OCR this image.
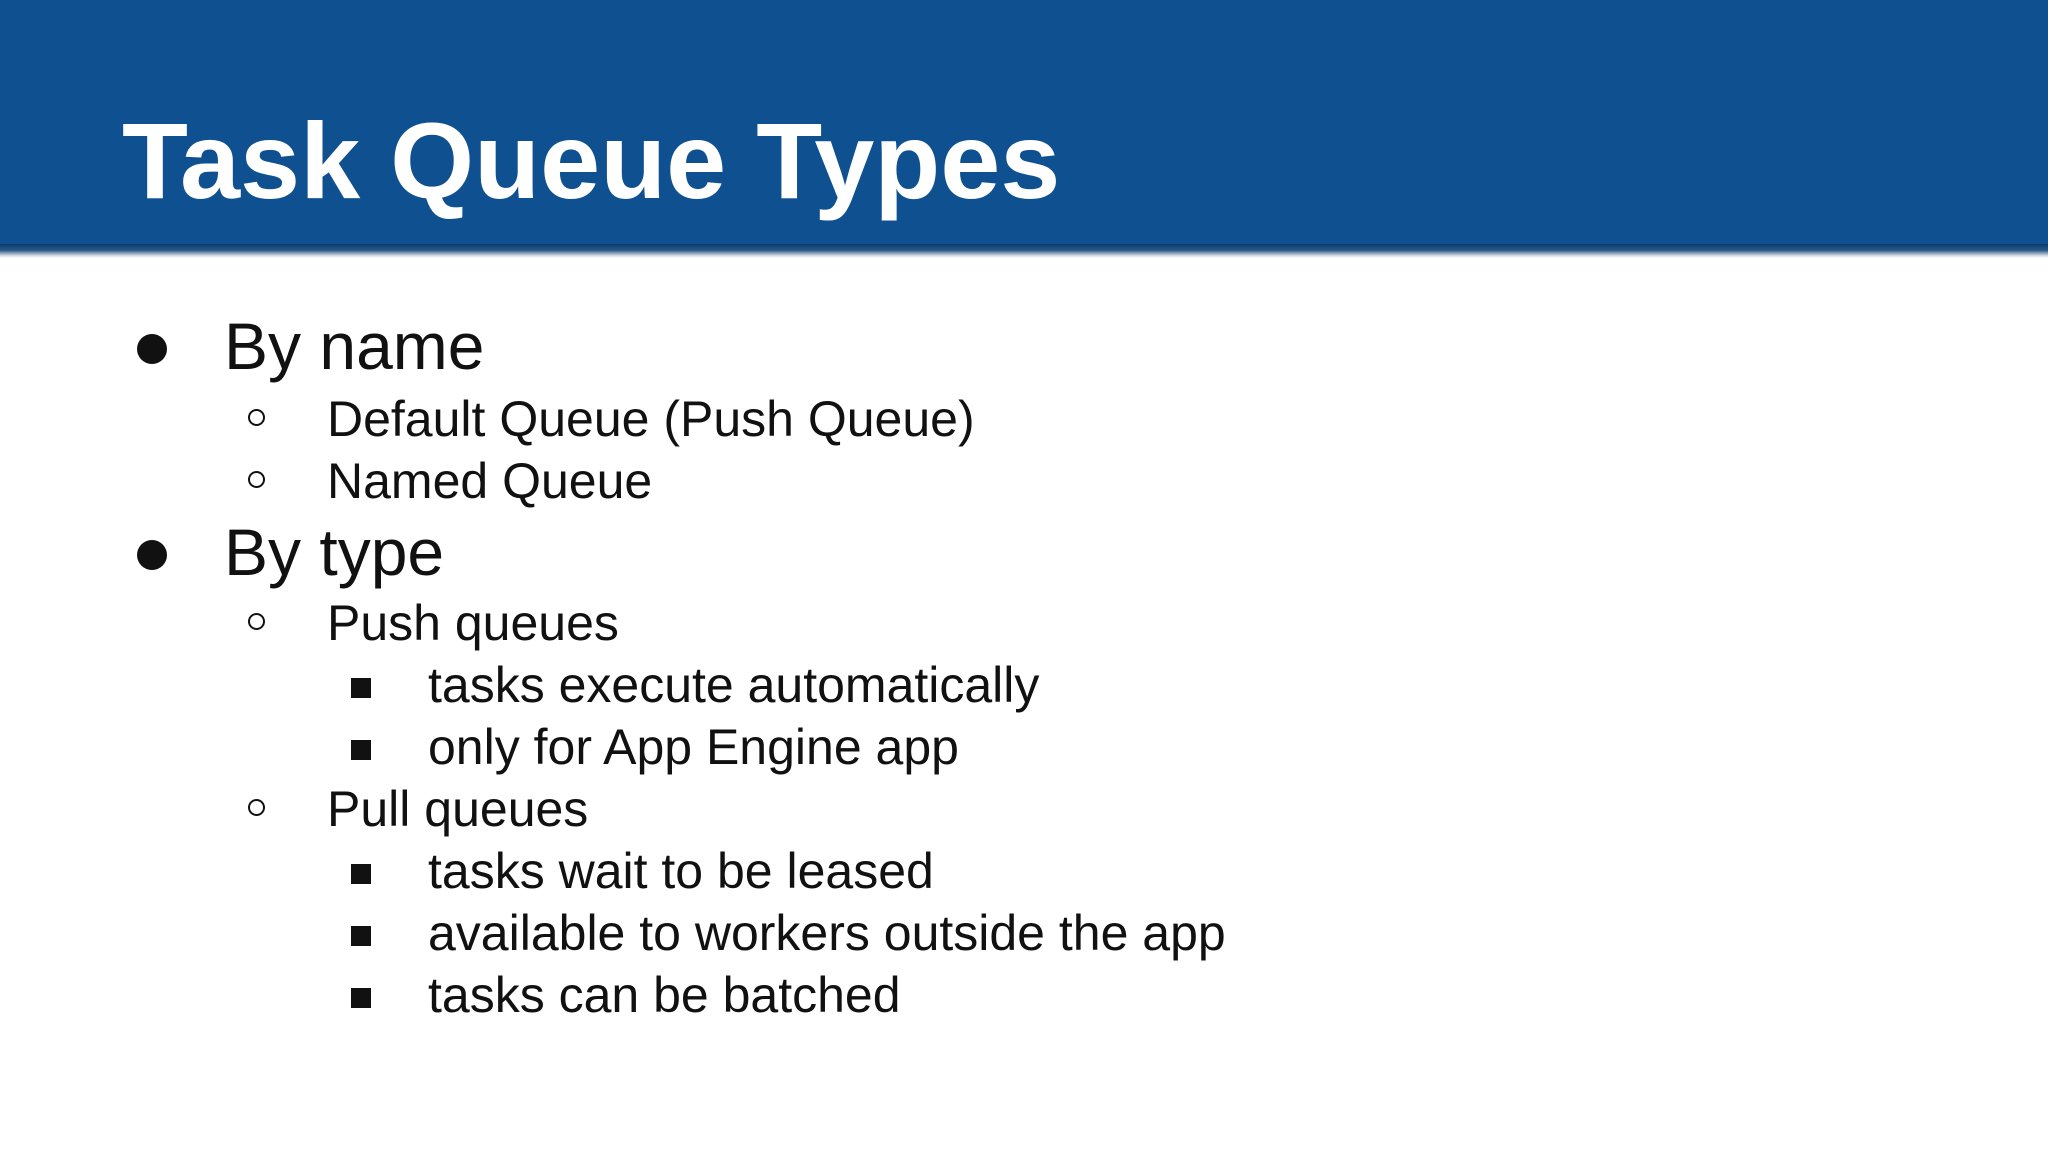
Task Queue Types
By name
Default Queue (Push Queue)
Named Queue
By type
Push queues
tasks execute automatically
only for App Engine app
Pull queues
tasks wait to be leased
available to workers outside the app
tasks can be batched
